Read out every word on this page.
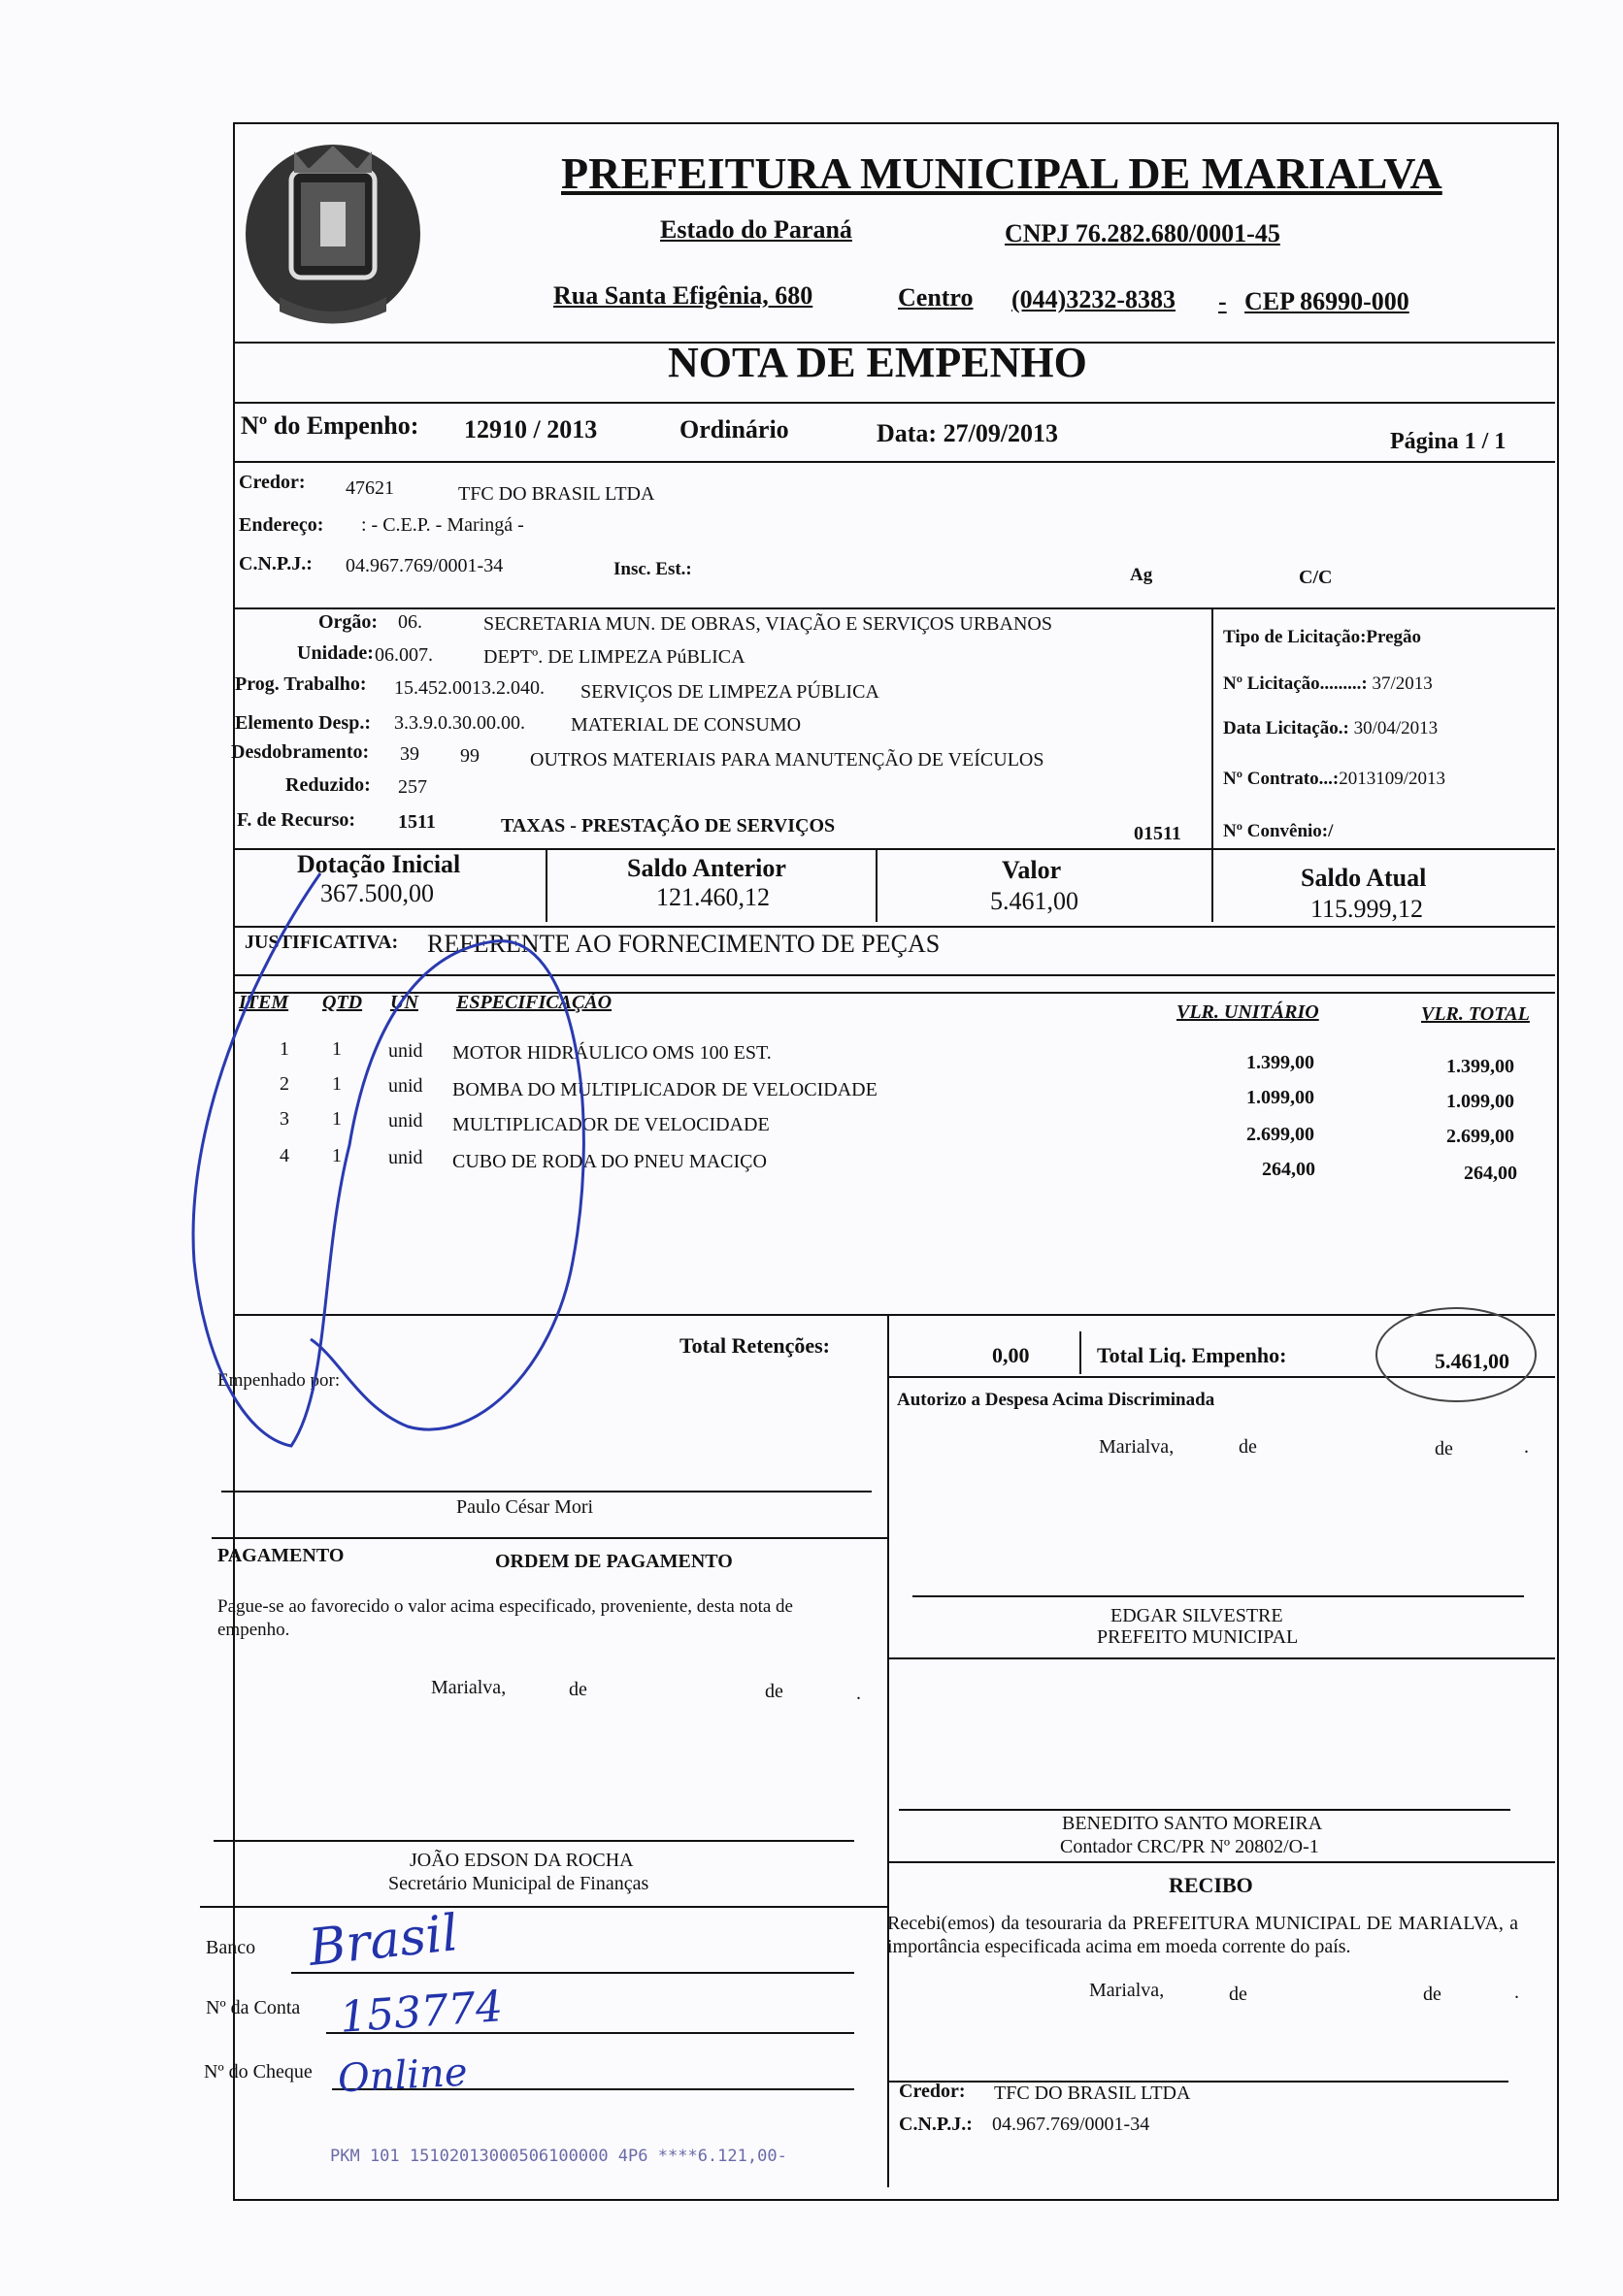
PREFEITURA MUNICIPAL DE MARIALVA
Estado do Paraná	CNPJ 76.282.680/0001-45
Rua Santa Efigênia, 680	Centro (044)3232-8383 - CEP 86990-000
NOTA DE EMPENHO
Nº do Empenho: 12910 / 2013	Ordinário	Data: 27/09/2013	Página 1 / 1
Credor: 47621	TFC DO BRASIL LTDA
Endereço: : - C.E.P. - Maringá -
C.N.P.J.: 04.967.769/0001-34	Insc. Est.:	Ag	C/C
Orgão: 06.	SECRETARIA MUN. DE OBRAS, VIAÇÃO E SERVIÇOS URBANOS
Unidade: 06.007.	DEPTº. DE LIMPEZA PúBLICA
Prog. Trabalho: 15.452.0013.2.040. SERVIÇOS DE LIMPEZA PÚBLICA
Elemento Desp.: 3.3.9.0.30.00.00. MATERIAL DE CONSUMO
Desdobramento: 39 99	OUTROS MATERIAIS PARA MANUTENÇÃO DE VEÍCULOS
Reduzido: 257
F. de Recurso: 1511	TAXAS - PRESTAÇÃO DE SERVIÇOS	01511
Tipo de Licitação:Pregão
Nº Licitação.........: 37/2013
Data Licitação.: 30/04/2013
Nº Contrato...:2013109/2013
Nº Convênio:/
Dotação Inicial
367.500,00
Saldo Anterior
121.460,12
Valor
5.461,00
Saldo Atual
115.999,12
JUSTIFICATIVA: REFERENTE AO FORNECIMENTO DE PEÇAS
ITEM QTD UN ESPECIFICAÇÃO	VLR. UNITÁRIO	VLR. TOTAL
1 1 unid MOTOR HIDRÁULICO OMS 100 EST.	1.399,00	1.399,00
2 1 unid BOMBA DO MULTIPLICADOR DE VELOCIDADE	1.099,00	1.099,00
3 1 unid MULTIPLICADOR DE VELOCIDADE	2.699,00	2.699,00
4 1 unid CUBO DE RODA DO PNEU MACIÇO	264,00	264,00
Total Retenções:	0,00	Total Liq. Empenho:	5.461,00
Empenhado por:
Paulo César Mori
Autorizo a Despesa Acima Discriminada
Marialva,	de	de	.
EDGAR SILVESTRE
PREFEITO MUNICIPAL
PAGAMENTO	ORDEM DE PAGAMENTO
Pague-se ao favorecido o valor acima especificado, proveniente, desta nota de empenho.
Marialva,	de	de	.
JOÃO EDSON DA ROCHA
Secretário Municipal de Finanças
BENEDITO SANTO MOREIRA
Contador CRC/PR Nº 20802/O-1
RECIBO
Recebi(emos) da tesouraria da PREFEITURA MUNICIPAL DE MARIALVA, a importância especificada acima em moeda corrente do país.
Marialva,	de	de	.
Credor: TFC DO BRASIL LTDA
C.N.P.J.: 04.967.769/0001-34
Banco
Nº da Conta
Nº do Cheque
Brasil
153774
Online
PKM 101 15102013000506100000 4P6 ****6.121,00-
